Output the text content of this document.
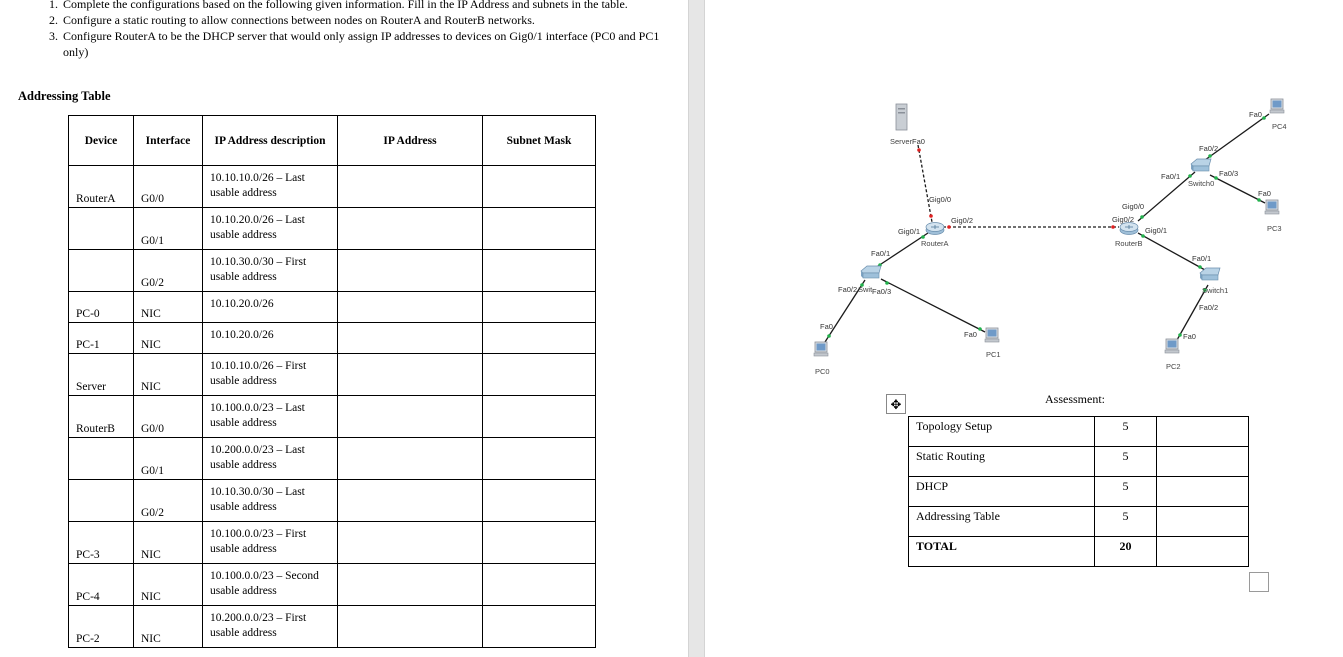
1. Complete the configurations based on the following given information. Fill in the IP Address and subnets in the table.
2. Configure a static routing to allow connections between nodes on RouterA and RouterB networks.
3. Configure RouterA to be the DHCP server that would only assign IP addresses to devices on Gig0/1 interface (PC0 and PC1 only)
Addressing Table
Device	Interface	IP Address description	IP Address	Subnet Mask
RouterA	G0/0	10.10.10.0/26 – Last usable address		
	G0/1	10.10.20.0/26 – Last usable address		
	G0/2	10.10.30.0/30 – First usable address		
PC-0	NIC	10.10.20.0/26		
PC-1	NIC	10.10.20.0/26		
Server	NIC	10.10.10.0/26 – First usable address		
RouterB	G0/0	10.100.0.0/23 – Last usable address		
	G0/1	10.200.0.0/23 – Last usable address		
	G0/2	10.10.30.0/30 – Last usable address		
PC-3	NIC	10.100.0.0/23 – First usable address		
PC-4	NIC	10.100.0.0/23 – Second usable address		
PC-2	NIC	10.200.0.0/23 – First usable address		
Server
RouterA	RouterB
Switch0
Switch1
Swit
PC0
PC1
PC2
PC3
PC4
Fa0
Gig0/0
Gig0/2
Gig0/1
Fa0/1
Fa0/2 Fa0/3
Fa0
Fa0
Gig0/0
Gig0/2
Gig0/1
Fa0/1
Fa0/2
Fa0/3
Fa0
Fa0
Fa0/1
Fa0/2
Fa0
✥	Assessment:
Topology Setup	5	
Static Routing	5	
DHCP	5	
Addressing Table	5	
TOTAL	20	
